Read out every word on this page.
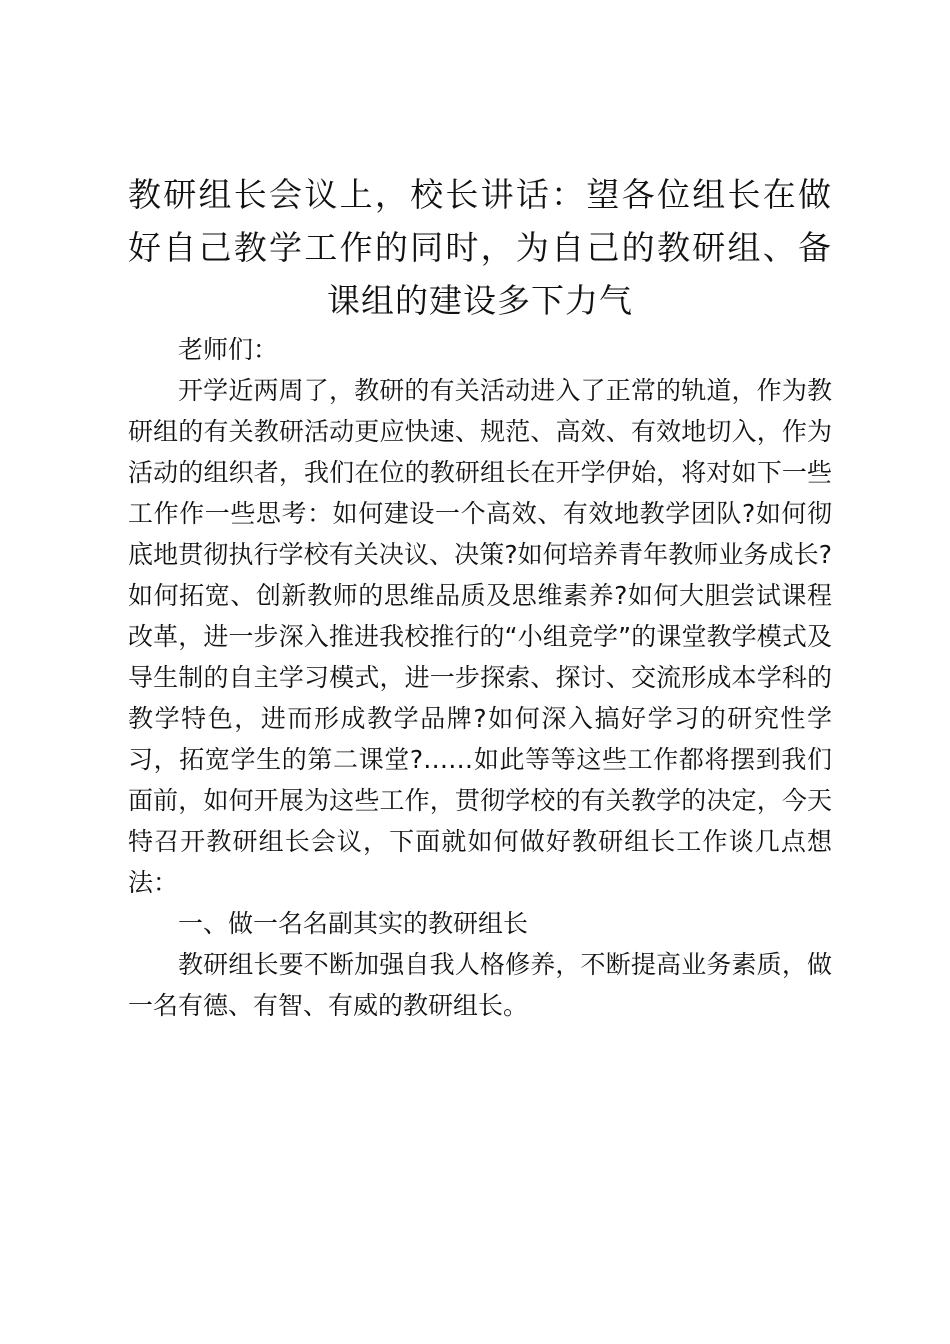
教研组长会议上，校长讲话：望各位组长在做好自己教学工作的同时，为自己的教研组、备课组的建设多下力气

老师们：

开学近两周了，教研的有关活动进入了正常的轨道，作为教研组的有关教研活动更应快速、规范、高效、有效地切入，作为活动的组织者，我们在位的教研组长在开学伊始，将对如下一些工作作一些思考：如何建设一个高效、有效地教学团队?如何彻底地贯彻执行学校有关决议、决策?如何培养青年教师业务成长?如何拓宽、创新教师的思维品质及思维素养?如何大胆尝试课程改革，进一步深入推进我校推行的“小组竞学”的课堂教学模式及导生制的自主学习模式，进一步探索、探讨、交流形成本学科的教学特色，进而形成教学品牌?如何深入搞好学习的研究性学习，拓宽学生的第二课堂?……如此等等这些工作都将摆到我们面前，如何开展为这些工作，贯彻学校的有关教学的决定，今天特召开教研组长会议，下面就如何做好教研组长工作谈几点想法：

一、做一名名副其实的教研组长

教研组长要不断加强自我人格修养，不断提高业务素质，做一名有德、有智、有威的教研组长。
